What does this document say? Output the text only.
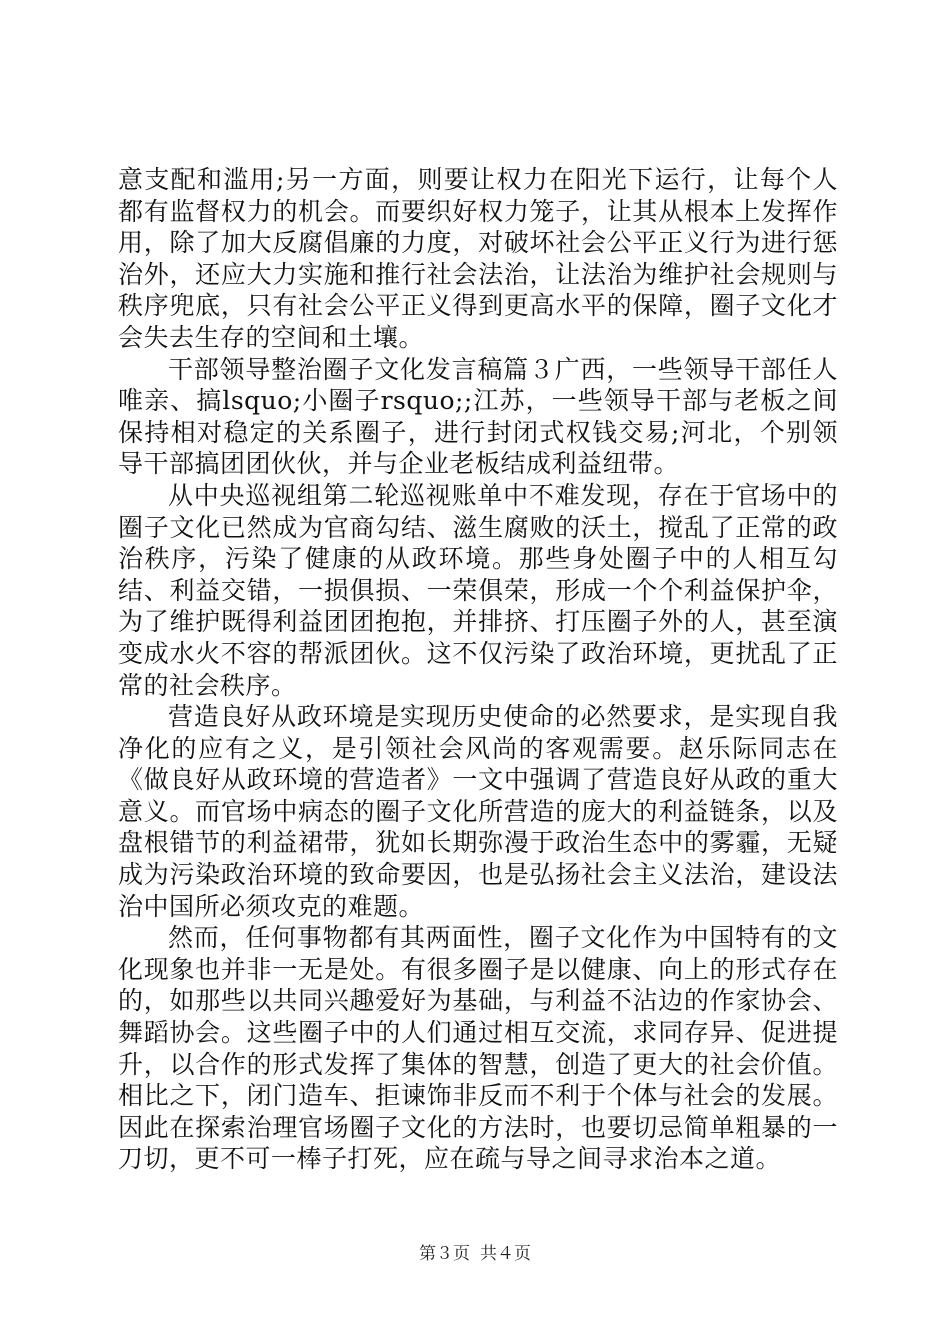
意支配和滥用;另一方面，则要让权力在阳光下运行，让每个人都有监督权力的机会。而要织好权力笼子，让其从根本上发挥作用，除了加大反腐倡廉的力度，对破坏社会公平正义行为进行惩治外，还应大力实施和推行社会法治，让法治为维护社会规则与秩序兜底，只有社会公平正义得到更高水平的保障，圈子文化才会失去生存的空间和土壤。

干部领导整治圈子文化发言稿篇３广西，一些领导干部任人唯亲、搞lsquo;小圈子rsquo;;江苏，一些领导干部与老板之间保持相对稳定的关系圈子，进行封闭式权钱交易;河北，个别领导干部搞团团伙伙，并与企业老板结成利益纽带。

从中央巡视组第二轮巡视账单中不难发现，存在于官场中的圈子文化已然成为官商勾结、滋生腐败的沃土，搅乱了正常的政治秩序，污染了健康的从政环境。那些身处圈子中的人相互勾结、利益交错，一损俱损、一荣俱荣，形成一个个利益保护伞，为了维护既得利益团团抱抱，并排挤、打压圈子外的人，甚至演变成水火不容的帮派团伙。这不仅污染了政治环境，更扰乱了正常的社会秩序。

营造良好从政环境是实现历史使命的必然要求，是实现自我净化的应有之义，是引领社会风尚的客观需要。赵乐际同志在《做良好从政环境的营造者》一文中强调了营造良好从政的重大意义。而官场中病态的圈子文化所营造的庞大的利益链条，以及盘根错节的利益裙带，犹如长期弥漫于政治生态中的雾霾，无疑成为污染政治环境的致命要因，也是弘扬社会主义法治，建设法治中国所必须攻克的难题。

然而，任何事物都有其两面性，圈子文化作为中国特有的文化现象也并非一无是处。有很多圈子是以健康、向上的形式存在的，如那些以共同兴趣爱好为基础，与利益不沾边的作家协会、舞蹈协会。这些圈子中的人们通过相互交流，求同存异、促进提升，以合作的形式发挥了集体的智慧，创造了更大的社会价值。相比之下，闭门造车、拒谏饰非反而不利于个体与社会的发展。因此在探索治理官场圈子文化的方法时，也要切忌简单粗暴的一刀切，更不可一棒子打死，应在疏与导之间寻求治本之道。

第３页 共４页
